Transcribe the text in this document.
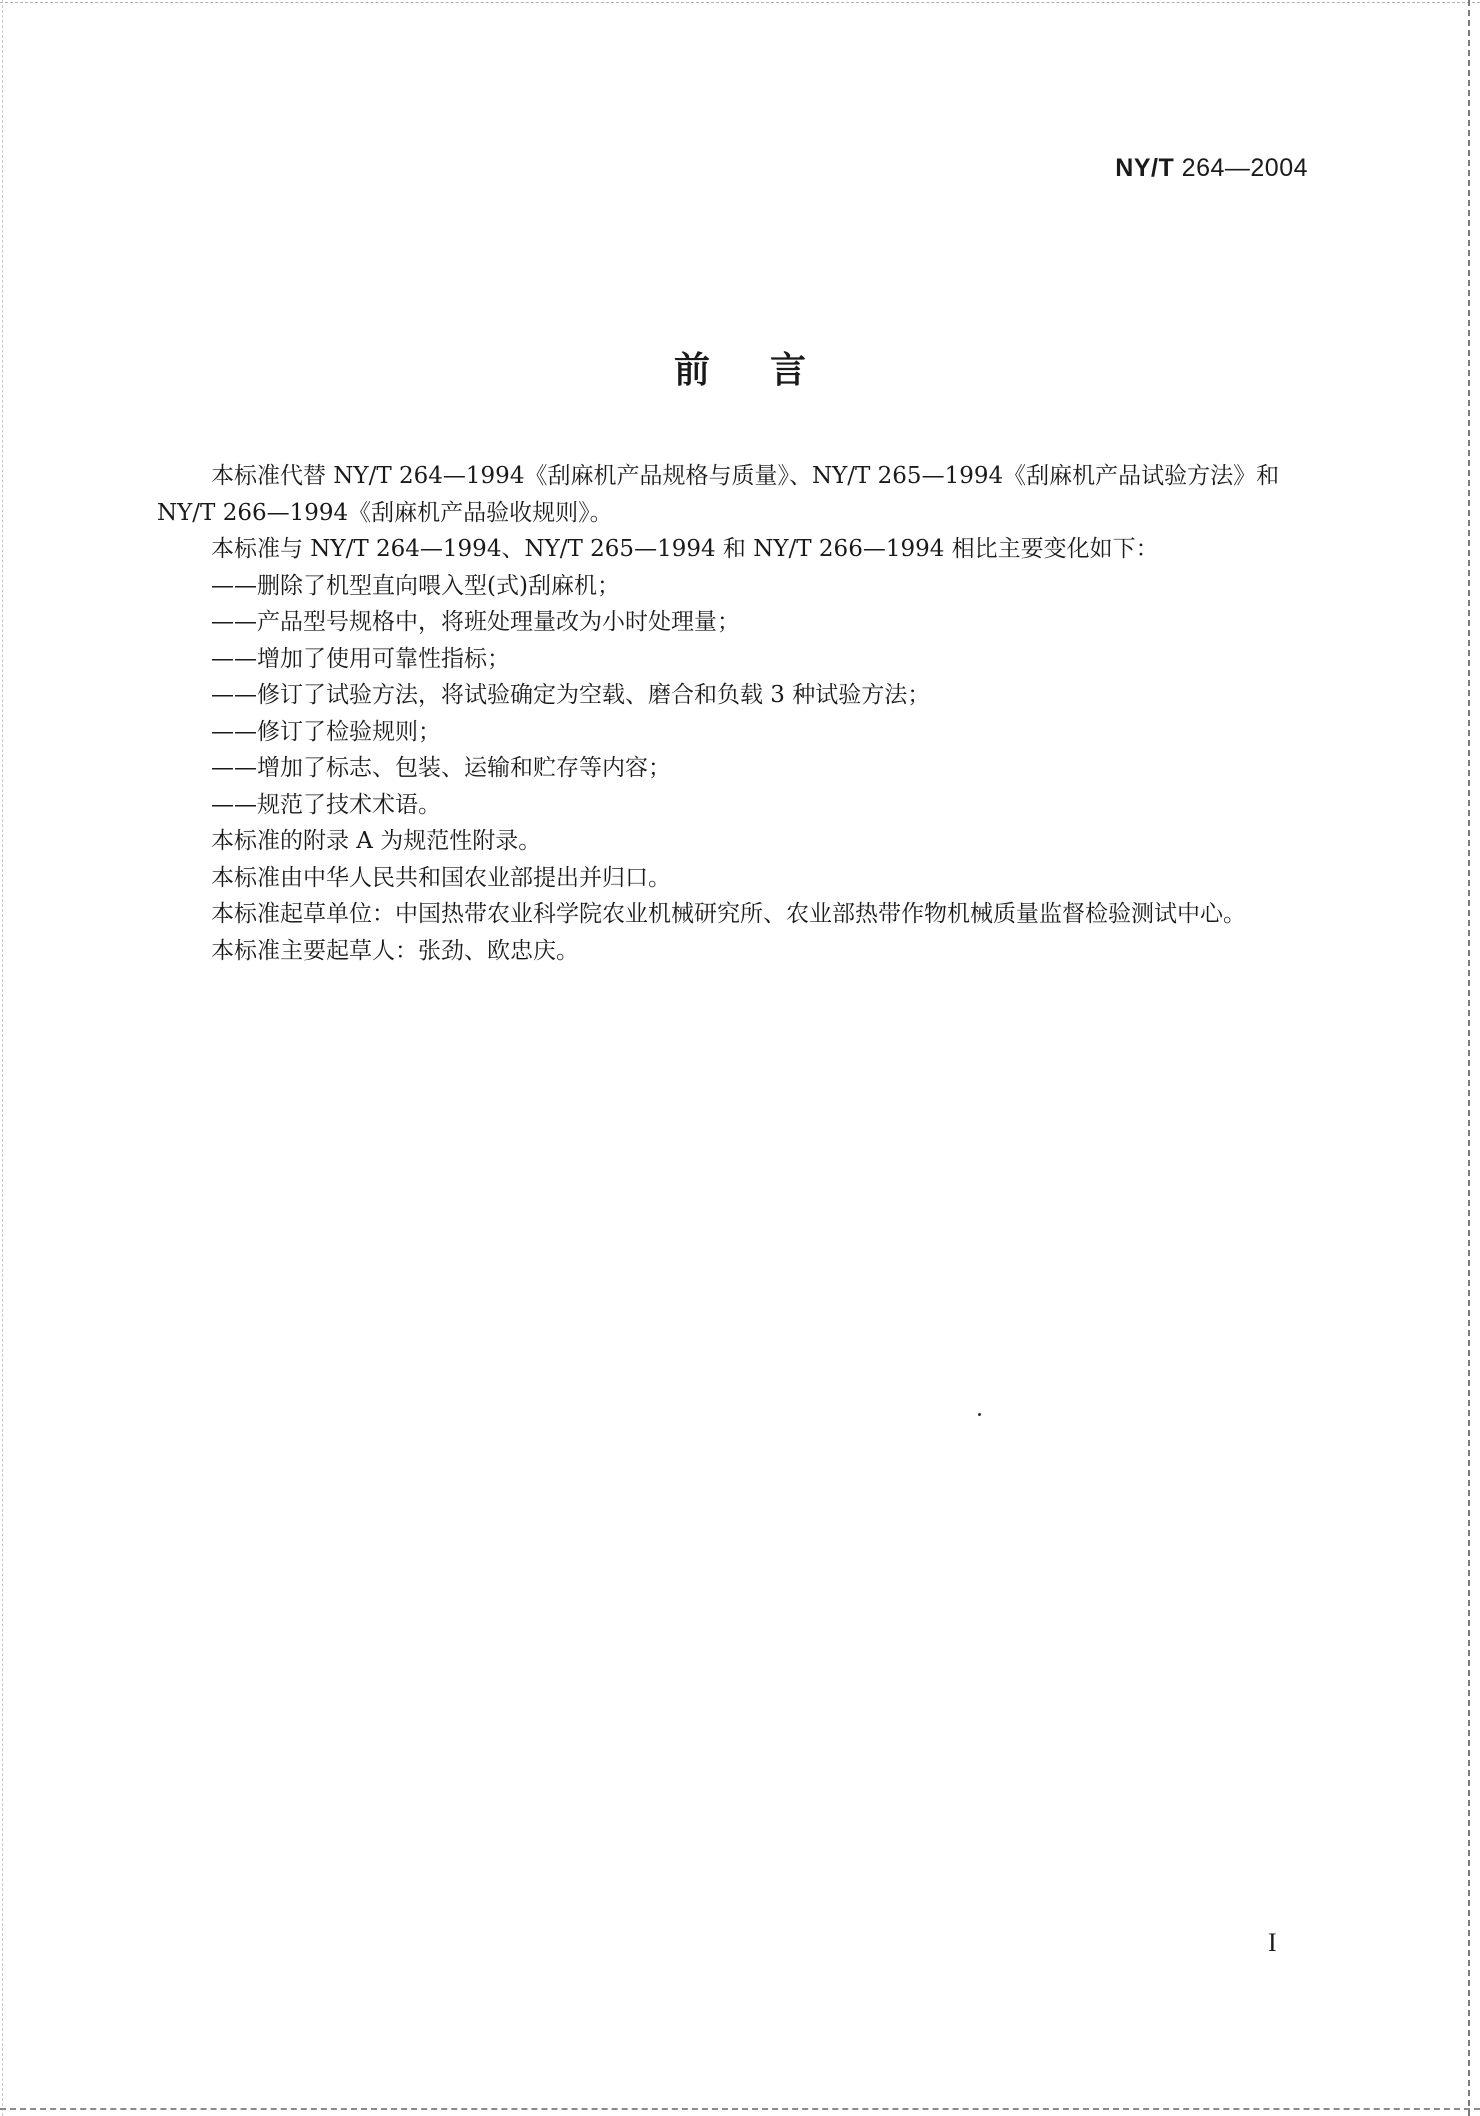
NY/T 264—2004
前言

本标准代替 NY/T 264—1994《刮麻机产品规格与质量》、NY/T 265—1994《刮麻机产品试验方法》和 NY/T 266—1994《刮麻机产品验收规则》。

本标准与 NY/T 264—1994、NY/T 265—1994 和 NY/T 266—1994 相比主要变化如下：

——删除了机型直向喂入型(式)刮麻机；

——产品型号规格中，将班处理量改为小时处理量；

——增加了使用可靠性指标；

——修订了试验方法，将试验确定为空载、磨合和负载 3 种试验方法；

——修订了检验规则；

——增加了标志、包装、运输和贮存等内容；

——规范了技术术语。

本标准的附录 A 为规范性附录。

本标准由中华人民共和国农业部提出并归口。

本标准起草单位：中国热带农业科学院农业机械研究所、农业部热带作物机械质量监督检验测试中心。

本标准主要起草人：张劲、欧忠庆。

I
